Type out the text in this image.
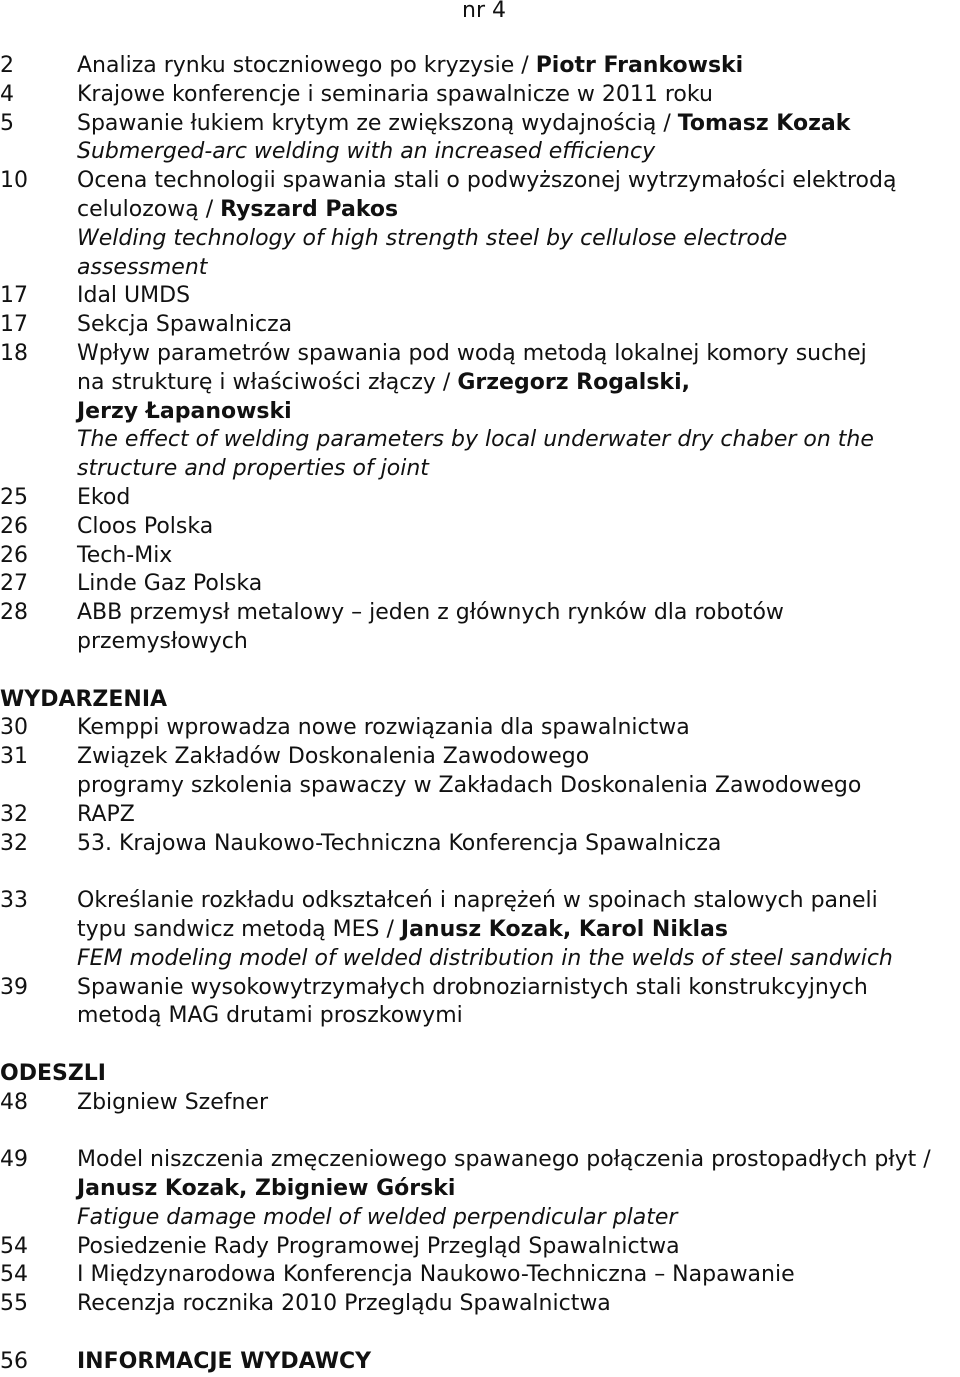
nr 4
2	Analiza rynku stoczniowego po kryzysie / Piotr Frankowski
4	Krajowe konferencje i seminaria spawalnicze w 2011 roku
5	Spawanie łukiem krytym ze zwiększoną wydajnością / Tomasz Kozak
Submerged-arc welding with an increased efficiency
10	Ocena technologii spawania stali o podwyższonej wytrzymałości elektrodą
celulozową / Ryszard Pakos
Welding technology of high strength steel by cellulose electrode
assessment
17	Idal UMDS
17	Sekcja Spawalnicza
18	Wpływ parametrów spawania pod wodą metodą lokalnej komory suchej
na strukturę i właściwości złączy / Grzegorz Rogalski,
Jerzy Łapanowski
The effect of welding parameters by local underwater dry chaber on the
structure and properties of joint
25	Ekod
26	Cloos Polska
26	Tech-Mix
27	Linde Gaz Polska
28	ABB przemysł metalowy – jeden z głównych rynków dla robotów
przemysłowych
WYDARZENIA
30	Kemppi wprowadza nowe rozwiązania dla spawalnictwa
31	Związek Zakładów Doskonalenia Zawodowego
programy szkolenia spawaczy w Zakładach Doskonalenia Zawodowego
32	RAPZ
32	53. Krajowa Naukowo-Techniczna Konferencja Spawalnicza
33	Określanie rozkładu odkształceń i naprężeń w spoinach stalowych paneli
typu sandwicz metodą MES / Janusz Kozak, Karol Niklas
FEM modeling model of welded distribution in the welds of steel sandwich
39	Spawanie wysokowytrzymałych drobnoziarnistych stali konstrukcyjnych
metodą MAG drutami proszkowymi
ODESZLI
48	Zbigniew Szefner
49	Model niszczenia zmęczeniowego spawanego połączenia prostopadłych płyt /
Janusz Kozak, Zbigniew Górski
Fatigue damage model of welded perpendicular plater
54	Posiedzenie Rady Programowej Przegląd Spawalnictwa
54	I Międzynarodowa Konferencja Naukowo-Techniczna – Napawanie
55	Recenzja rocznika 2010 Przeglądu Spawalnictwa
56	INFORMACJE WYDAWCY
